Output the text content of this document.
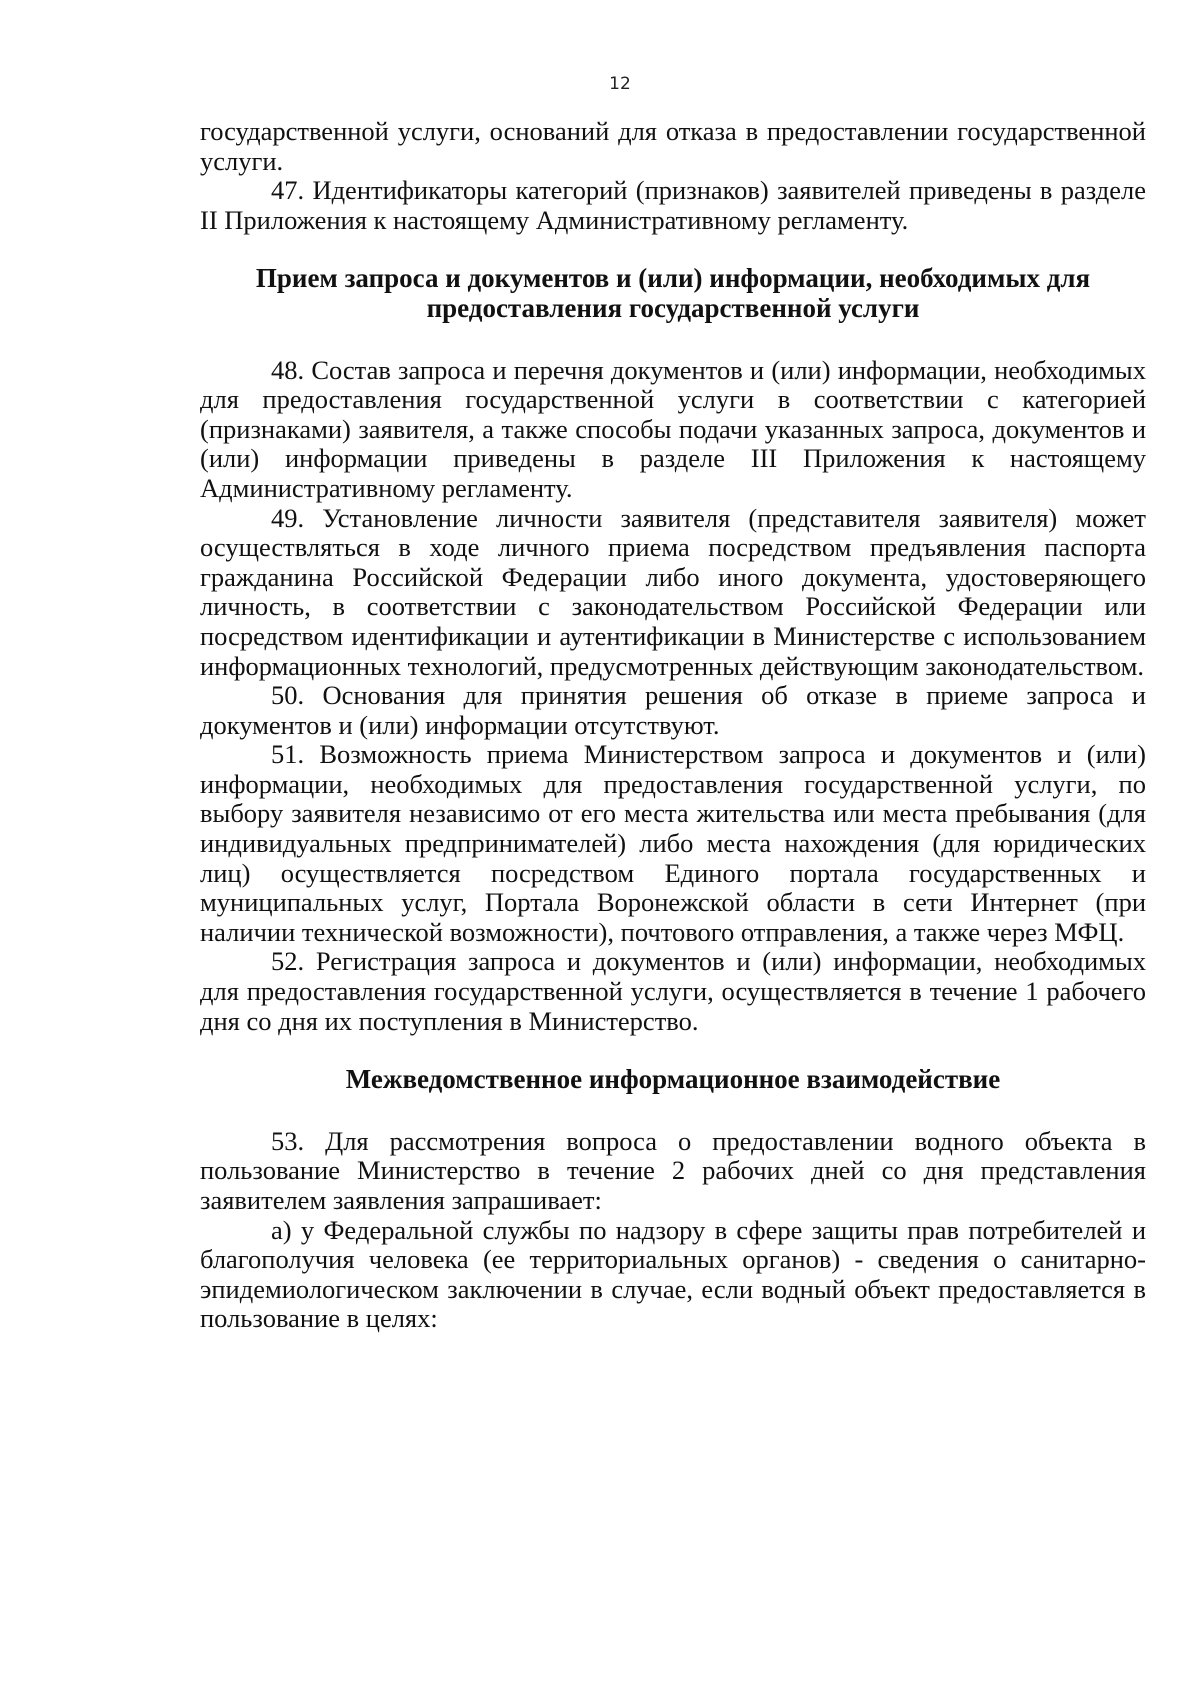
12

государственной услуги, оснований для отказа в предоставлении государственной услуги.

47. Идентификаторы категорий (признаков) заявителей приведены в разделе II Приложения к настоящему Административному регламенту.

Прием запроса и документов и (или) информации, необходимых для предоставления государственной услуги

48. Состав запроса и перечня документов и (или) информации, необходимых для предоставления государственной услуги в соответствии с категорией (признаками) заявителя, а также способы подачи указанных запроса, документов и (или) информации приведены в разделе III Приложения к настоящему Административному регламенту.

49. Установление личности заявителя (представителя заявителя) может осуществляться в ходе личного приема посредством предъявления паспорта гражданина Российской Федерации либо иного документа, удостоверяющего личность, в соответствии с законодательством Российской Федерации или посредством идентификации и аутентификации в Министерстве с использованием информационных технологий, предусмотренных действующим законодательством.

50. Основания для принятия решения об отказе в приеме запроса и документов и (или) информации отсутствуют.

51. Возможность приема Министерством запроса и документов и (или) информации, необходимых для предоставления государственной услуги, по выбору заявителя независимо от его места жительства или места пребывания (для индивидуальных предпринимателей) либо места нахождения (для юридических лиц) осуществляется посредством Единого портала государственных и муниципальных услуг, Портала Воронежской области в сети Интернет (при наличии технической возможности), почтового отправления, а также через МФЦ.

52. Регистрация запроса и документов и (или) информации, необходимых для предоставления государственной услуги, осуществляется в течение 1 рабочего дня со дня их поступления в Министерство.

Межведомственное информационное взаимодействие

53. Для рассмотрения вопроса о предоставлении водного объекта в пользование Министерство в течение 2 рабочих дней со дня представления заявителем заявления запрашивает:

а) у Федеральной службы по надзору в сфере защиты прав потребителей и благополучия человека (ее территориальных органов) - сведения о санитарно-эпидемиологическом заключении в случае, если водный объект предоставляется в пользование в целях:
